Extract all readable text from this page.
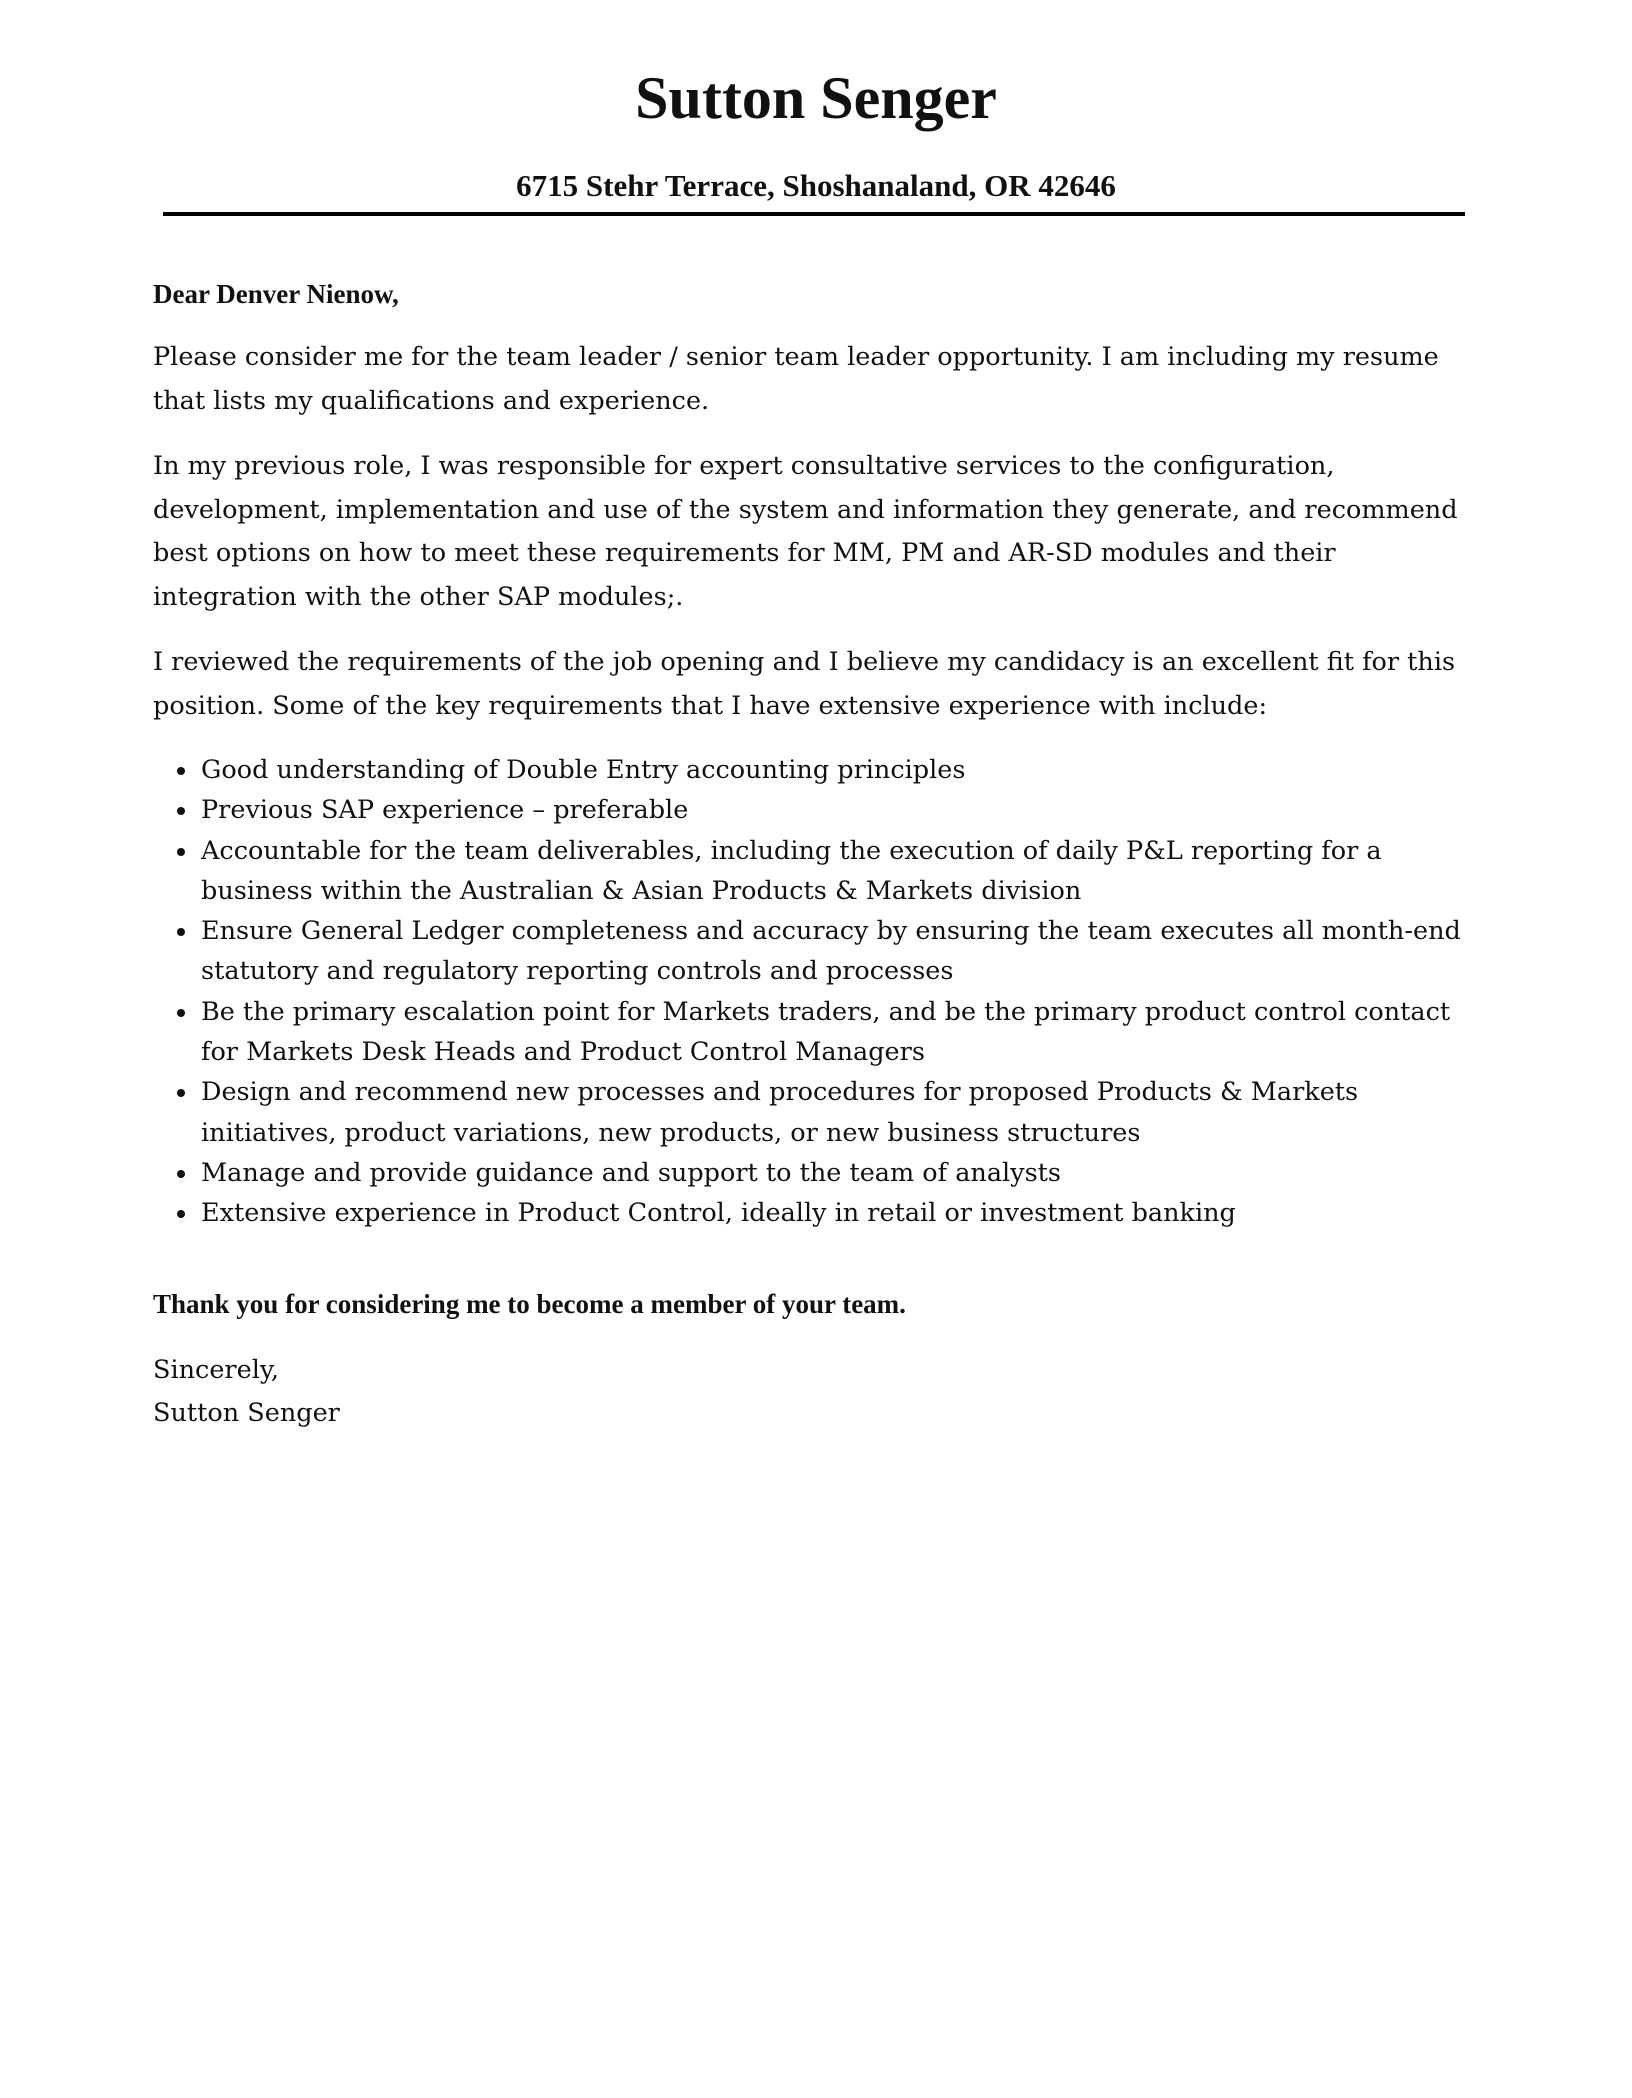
Sutton Senger
6715 Stehr Terrace, Shoshanaland, OR 42646

Dear Denver Nienow,

Please consider me for the team leader / senior team leader opportunity. I am including my resume that lists my qualifications and experience.

In my previous role, I was responsible for expert consultative services to the configuration, development, implementation and use of the system and information they generate, and recommend best options on how to meet these requirements for MM, PM and AR-SD modules and their integration with the other SAP modules;.

I reviewed the requirements of the job opening and I believe my candidacy is an excellent fit for this position. Some of the key requirements that I have extensive experience with include:

Good understanding of Double Entry accounting principles
Previous SAP experience – preferable
Accountable for the team deliverables, including the execution of daily P&L reporting for a business within the Australian & Asian Products & Markets division
Ensure General Ledger completeness and accuracy by ensuring the team executes all month-end statutory and regulatory reporting controls and processes
Be the primary escalation point for Markets traders, and be the primary product control contact for Markets Desk Heads and Product Control Managers
Design and recommend new processes and procedures for proposed Products & Markets initiatives, product variations, new products, or new business structures
Manage and provide guidance and support to the team of analysts
Extensive experience in Product Control, ideally in retail or investment banking

Thank you for considering me to become a member of your team.

Sincerely,

Sutton Senger
